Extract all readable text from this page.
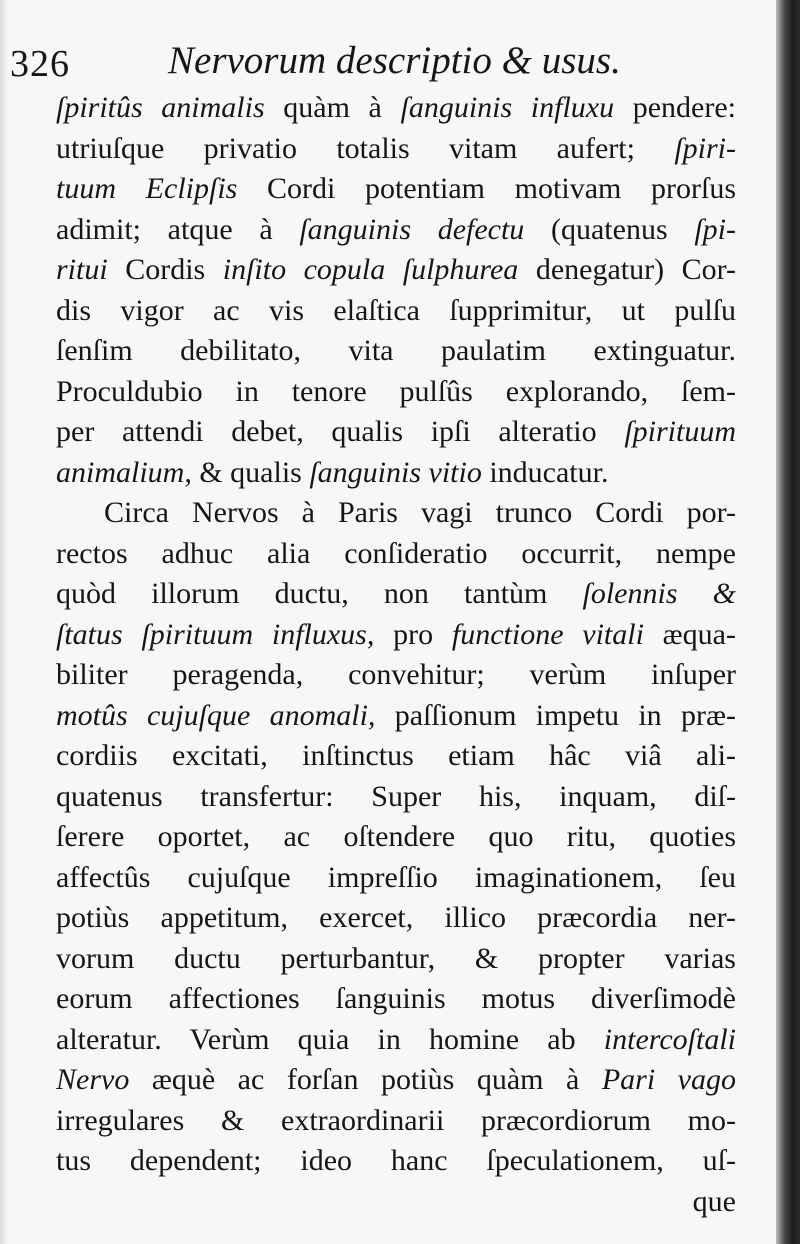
326	Nervorum descriptio & usus.
ſpiritûs animalis quàm à ſanguinis influxu pendere:
utriuſque privatio totalis vitam aufert; ſpiri-
tuum Eclipſis Cordi potentiam motivam prorſus
adimit; atque à ſanguinis defectu (quatenus ſpi-
ritui Cordis inſito copula ſulphurea denegatur) Cor-
dis vigor ac vis elaſtica ſupprimitur, ut pulſu
ſenſim debilitato, vita paulatim extinguatur.
Proculdubio in tenore pulſûs explorando, ſem-
per attendi debet, qualis ipſi alteratio ſpirituum
animalium, & qualis ſanguinis vitio inducatur.
Circa Nervos à Paris vagi trunco Cordi por-
rectos adhuc alia conſideratio occurrit, nempe
quòd illorum ductu, non tantùm ſolennis &
ſtatus ſpirituum influxus, pro functione vitali æqua-
biliter peragenda, convehitur; verùm inſuper
motûs cujuſque anomali, paſſionum impetu in præ-
cordiis excitati, inſtinctus etiam hâc viâ ali-
quatenus transfertur: Super his, inquam, diſ-
ſerere oportet, ac oſtendere quo ritu, quoties
affectûs cujuſque impreſſio imaginationem, ſeu
potiùs appetitum, exercet, illico præcordia ner-
vorum ductu perturbantur, & propter varias
eorum affectiones ſanguinis motus diverſimodè
alteratur. Verùm quia in homine ab intercoſtali
Nervo æquè ac forſan potiùs quàm à Pari vago
irregulares & extraordinarii præcordiorum mo-
tus dependent; ideo hanc ſpeculationem, uſ-
que
